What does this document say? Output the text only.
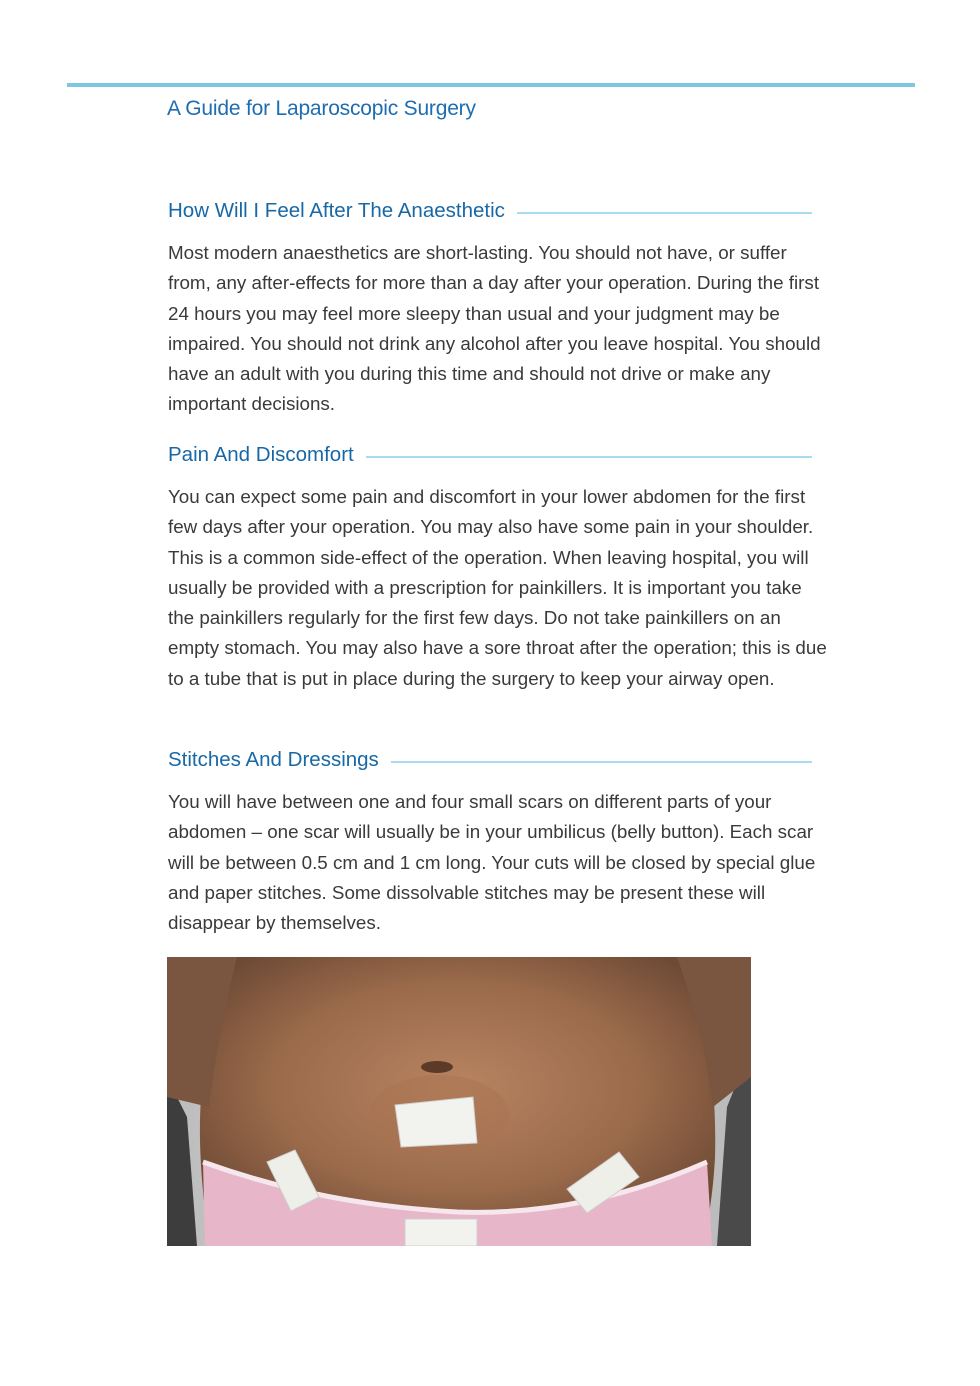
A Guide for Laparoscopic Surgery
How Will I Feel After The Anaesthetic

Most modern anaesthetics are short-lasting. You should not have, or suffer from, any after-effects for more than a day after your operation. During the first 24 hours you may feel more sleepy than usual and your judgment may be impaired. You should not drink any alcohol after you leave hospital. You should have an adult with you during this time and should not drive or make any important decisions.

Pain And Discomfort

You can expect some pain and discomfort in your lower abdomen for the first few days after your operation. You may also have some pain in your shoulder. This is a common side-effect of the operation. When leaving hospital, you will usually be provided with a prescription for painkillers. It is important you take the painkillers regularly for the first few days. Do not take painkillers on an empty stomach. You may also have a sore throat after the operation; this is due to a tube that is put in place during the surgery to keep your airway open.

Stitches And Dressings

You will have between one and four small scars on different parts of your abdomen – one scar will usually be in your umbilicus (belly button). Each scar will be between 0.5 cm and 1 cm long. Your cuts will be closed by special glue and paper stitches. Some dissolvable stitches may be present these will disappear by themselves.
